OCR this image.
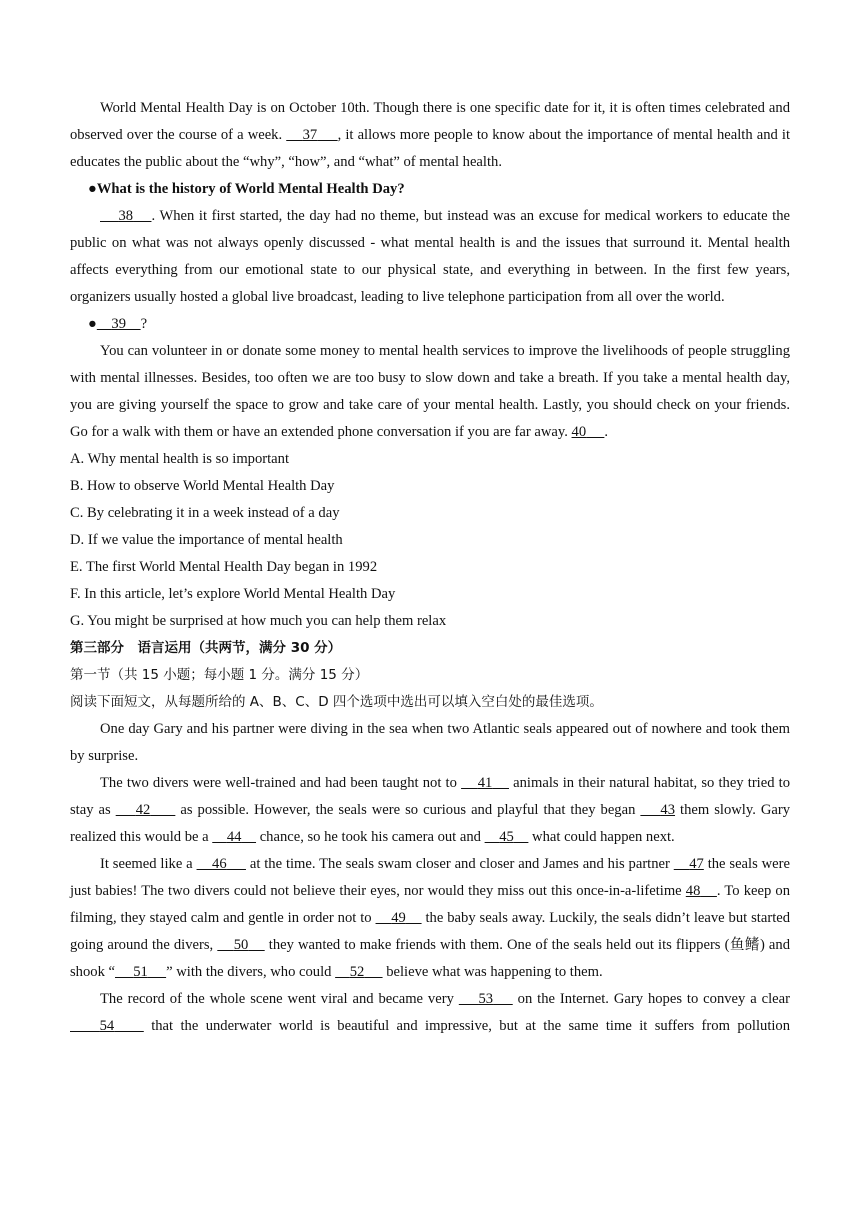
World Mental Health Day is on October 10th. Though there is one specific date for it, it is often times celebrated and observed over the course of a week. 37 , it allows more people to know about the importance of mental health and it educates the public about the “why”, “how”, and “what” of mental health.

●What is the history of World Mental Health Day?

38 . When it first started, the day had no theme, but instead was an excuse for medical workers to educate the public on what was not always openly discussed - what mental health is and the issues that surround it. Mental health affects everything from our emotional state to our physical state, and everything in between. In the first few years, organizers usually hosted a global live broadcast, leading to live telephone participation from all over the world.

● 39 ?

You can volunteer in or donate some money to mental health services to improve the livelihoods of people struggling with mental illnesses. Besides, too often we are too busy to slow down and take a breath. If you take a mental health day, you are giving yourself the space to grow and take care of your mental health. Lastly, you should check on your friends. Go for a walk with them or have an extended phone conversation if you are far away. 40 .

A. Why mental health is so important

B. How to observe World Mental Health Day

C. By celebrating it in a week instead of a day

D. If we value the importance of mental health

E. The first World Mental Health Day began in 1992

F. In this article, let’s explore World Mental Health Day

G. You might be surprised at how much you can help them relax

第三部分　语言运用（共两节，满分 30 分）

第一节（共 15 小题；每小题 1 分。满分 15 分）

阅读下面短文，从每题所给的 A、B、C、D 四个选项中选出可以填入空白处的最佳选项。

One day Gary and his partner were diving in the sea when two Atlantic seals appeared out of nowhere and took them by surprise.

The two divers were well-trained and had been taught not to 41 animals in their natural habitat, so they tried to stay as 42 as possible. However, the seals were so curious and playful that they began 43 them slowly. Gary realized this would be a 44 chance, so he took his camera out and 45 what could happen next.

It seemed like a 46 at the time. The seals swam closer and closer and James and his partner 47 the seals were just babies! The two divers could not believe their eyes, nor would they miss out this once-in-a-lifetime 48 . To keep on filming, they stayed calm and gentle in order not to 49 the baby seals away. Luckily, the seals didn’t leave but started going around the divers, 50 they wanted to make friends with them. One of the seals held out its flippers (鱼鳍) and shook “ 51 ” with the divers, who could 52 believe what was happening to them.

The record of the whole scene went viral and became very 53 on the Internet. Gary hopes to convey a clear     54	that the underwater world is beautiful and impressive, but at the same time it suffers from pollution
